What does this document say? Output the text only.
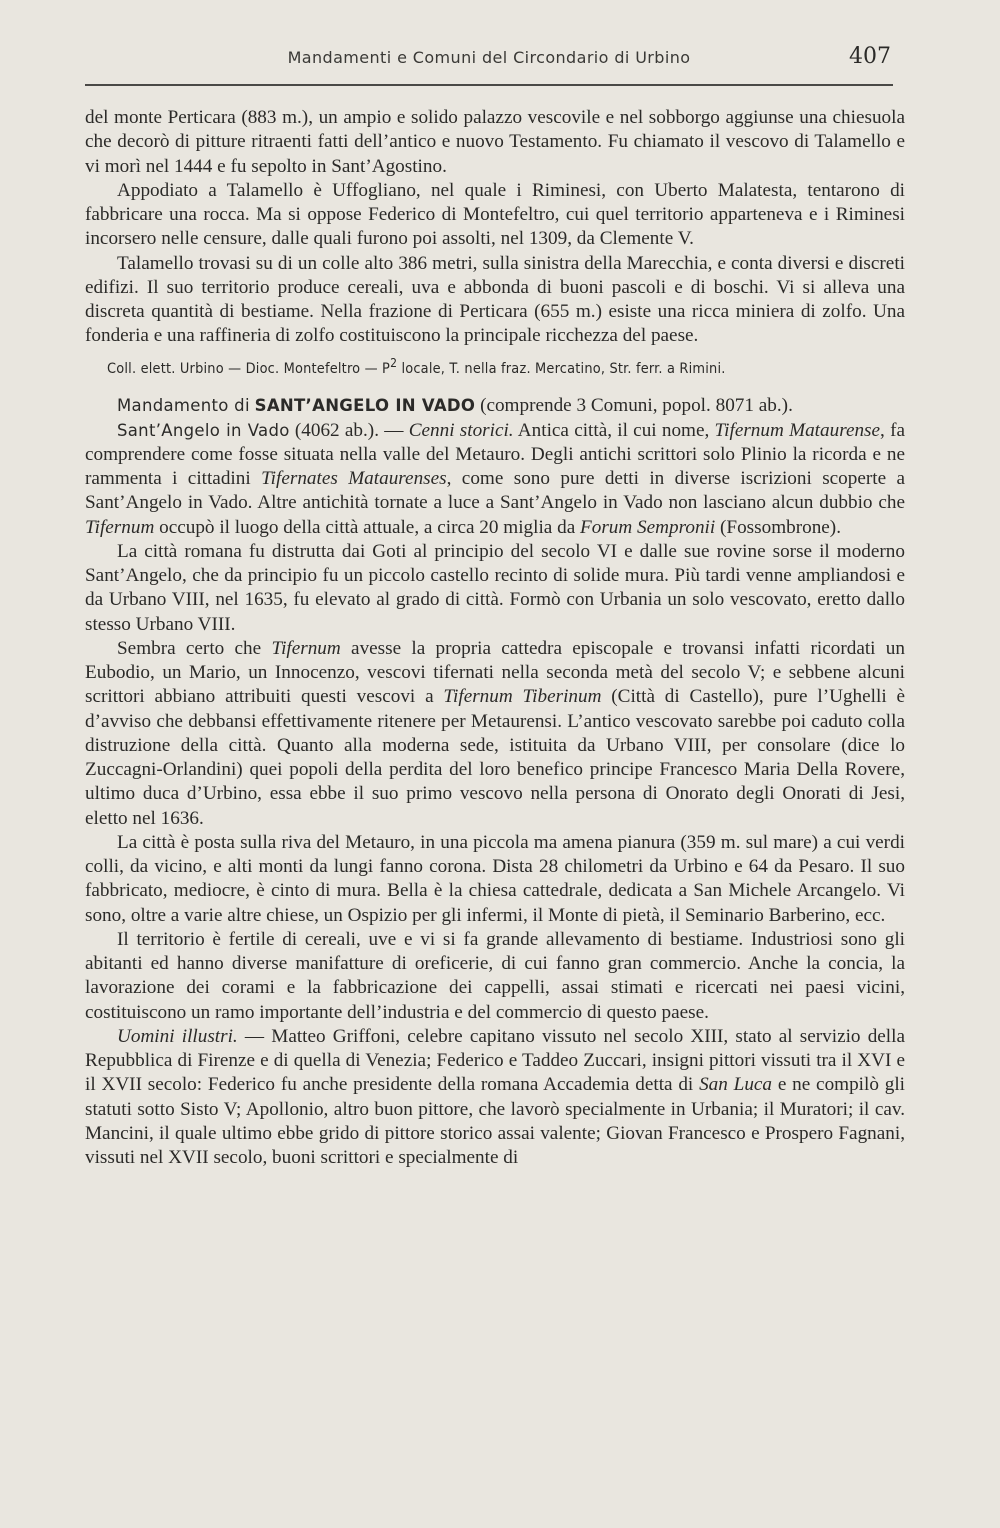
Mandamenti e Comuni del Circondario di Urbino	407

del monte Perticara (883 m.), un ampio e solido palazzo vescovile e nel sobborgo aggiunse una chiesuola che decorò di pitture ritraenti fatti dell’antico e nuovo Testamento. Fu chiamato il vescovo di Talamello e vi morì nel 1444 e fu sepolto in Sant’Agostino.

Appodiato a Talamello è Uffogliano, nel quale i Riminesi, con Uberto Malatesta, tentarono di fabbricare una rocca. Ma si oppose Federico di Montefeltro, cui quel territorio apparteneva e i Riminesi incorsero nelle censure, dalle quali furono poi assolti, nel 1309, da Clemente V.

Talamello trovasi su di un colle alto 386 metri, sulla sinistra della Marecchia, e conta diversi e discreti edifizi. Il suo territorio produce cereali, uva e abbonda di buoni pascoli e di boschi. Vi si alleva una discreta quantità di bestiame. Nella frazione di Perticara (655 m.) esiste una ricca miniera di zolfo. Una fonderia e una raffineria di zolfo costituiscono la principale ricchezza del paese.

Coll. elett. Urbino — Dioc. Montefeltro — $P^2$ locale, T. nella fraz. Mercatino, Str. ferr. a Rimini.

Mandamento di SANT’ANGELO IN VADO (comprende 3 Comuni, popol. 8071 ab.).

Sant’Angelo in Vado (4062 ab.). — Cenni storici. Antica città, il cui nome, Tifernum Mataurense, fa comprendere come fosse situata nella valle del Metauro. Degli antichi scrittori solo Plinio la ricorda e ne rammenta i cittadini Tifernates Mataurenses, come sono pure detti in diverse iscrizioni scoperte a Sant’Angelo in Vado. Altre antichità tornate a luce a Sant’Angelo in Vado non lasciano alcun dubbio che Tifernum occupò il luogo della città attuale, a circa 20 miglia da Forum Sempronii (Fossombrone).

La città romana fu distrutta dai Goti al principio del secolo VI e dalle sue rovine sorse il moderno Sant’Angelo, che da principio fu un piccolo castello recinto di solide mura. Più tardi venne ampliandosi e da Urbano VIII, nel 1635, fu elevato al grado di città. Formò con Urbania un solo vescovato, eretto dallo stesso Urbano VIII.

Sembra certo che Tifernum avesse la propria cattedra episcopale e trovansi infatti ricordati un Eubodio, un Mario, un Innocenzo, vescovi tifernati nella seconda metà del secolo V; e sebbene alcuni scrittori abbiano attribuiti questi vescovi a Tifernum Tiberinum (Città di Castello), pure l’Ughelli è d’avviso che debbansi effettivamente ritenere per Metaurensi. L’antico vescovato sarebbe poi caduto colla distruzione della città. Quanto alla moderna sede, istituita da Urbano VIII, per consolare (dice lo Zuccagni-Orlandini) quei popoli della perdita del loro benefico principe Francesco Maria Della Rovere, ultimo duca d’Urbino, essa ebbe il suo primo vescovo nella persona di Onorato degli Onorati di Jesi, eletto nel 1636.

La città è posta sulla riva del Metauro, in una piccola ma amena pianura (359 m. sul mare) a cui verdi colli, da vicino, e alti monti da lungi fanno corona. Dista 28 chilometri da Urbino e 64 da Pesaro. Il suo fabbricato, mediocre, è cinto di mura. Bella è la chiesa cattedrale, dedicata a San Michele Arcangelo. Vi sono, oltre a varie altre chiese, un Ospizio per gli infermi, il Monte di pietà, il Seminario Barberino, ecc.

Il territorio è fertile di cereali, uve e vi si fa grande allevamento di bestiame. Industriosi sono gli abitanti ed hanno diverse manifatture di oreficerie, di cui fanno gran commercio. Anche la concia, la lavorazione dei corami e la fabbricazione dei cappelli, assai stimati e ricercati nei paesi vicini, costituiscono un ramo importante dell’industria e del commercio di questo paese.

Uomini illustri. — Matteo Griffoni, celebre capitano vissuto nel secolo XIII, stato al servizio della Repubblica di Firenze e di quella di Venezia; Federico e Taddeo Zuccari, insigni pittori vissuti tra il XVI e il XVII secolo: Federico fu anche presidente della romana Accademia detta di San Luca e ne compilò gli statuti sotto Sisto V; Apollonio, altro buon pittore, che lavorò specialmente in Urbania; il Muratori; il cav. Mancini, il quale ultimo ebbe grido di pittore storico assai valente; Giovan Francesco e Prospero Fagnani, vissuti nel XVII secolo, buoni scrittori e specialmente di
